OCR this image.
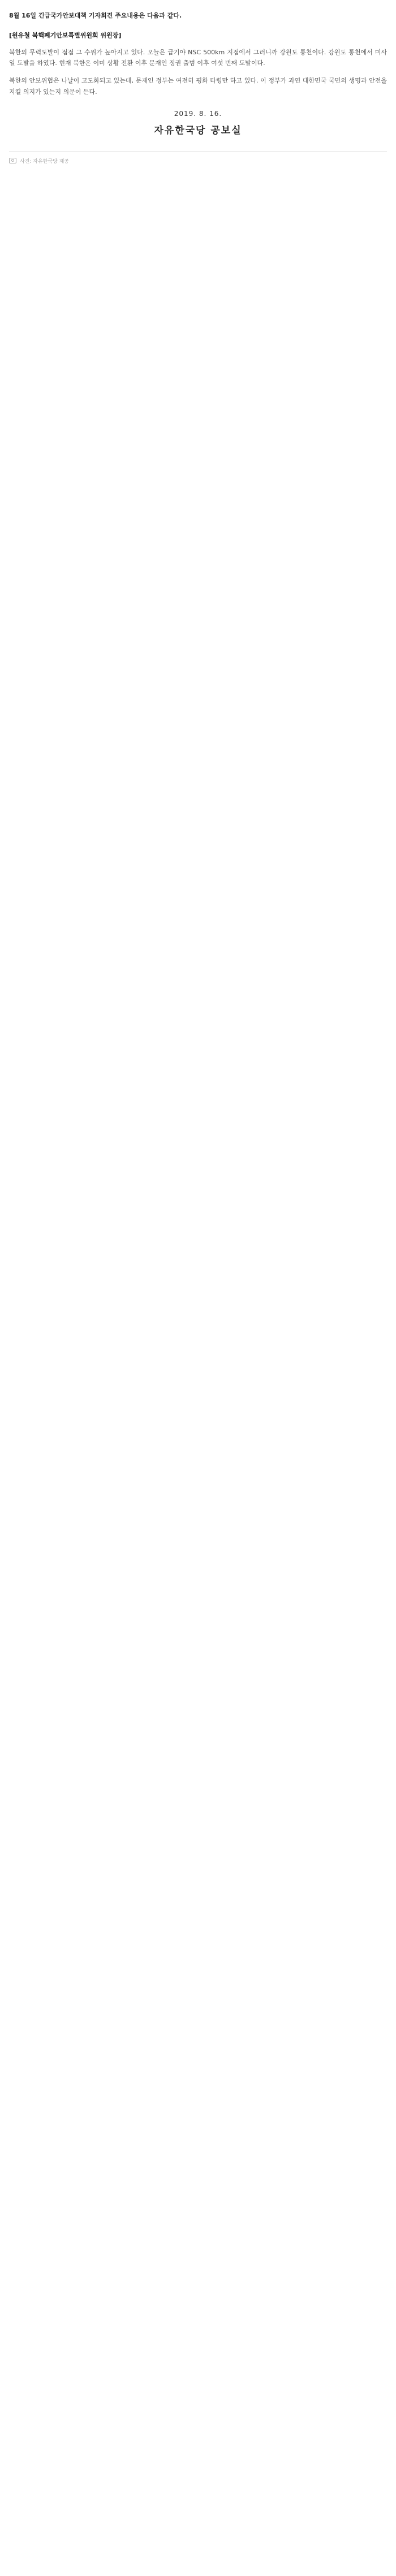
8월 16일 긴급국가안보대책 기자회견 주요내용은 다음과 같다.

[원유철 북핵폐기안보특별위원회 위원장]

북한의 무력도발이 점점 그 수위가 높아지고 있다. 오늘은 급기야 NSC 500km 지점에서 그러니까 강원도 통천이다. 강원도 통천에서 미사일 도발을 하였다. 현재 북한은 이미 상황 전환 이후 문재인 정권 출범 이후 여섯 번째 도발이다.

북한의 안보위협은 나날이 고도화되고 있는데, 문재인 정부는 여전히 평화 타령만 하고 있다. 이 정부가 과연 대한민국 국민의 생명과 안전을 지킬 의지가 있는지 의문이 든다.

2019. 8. 16.
자유한국당 공보실
사진: 자유한국당 제공
